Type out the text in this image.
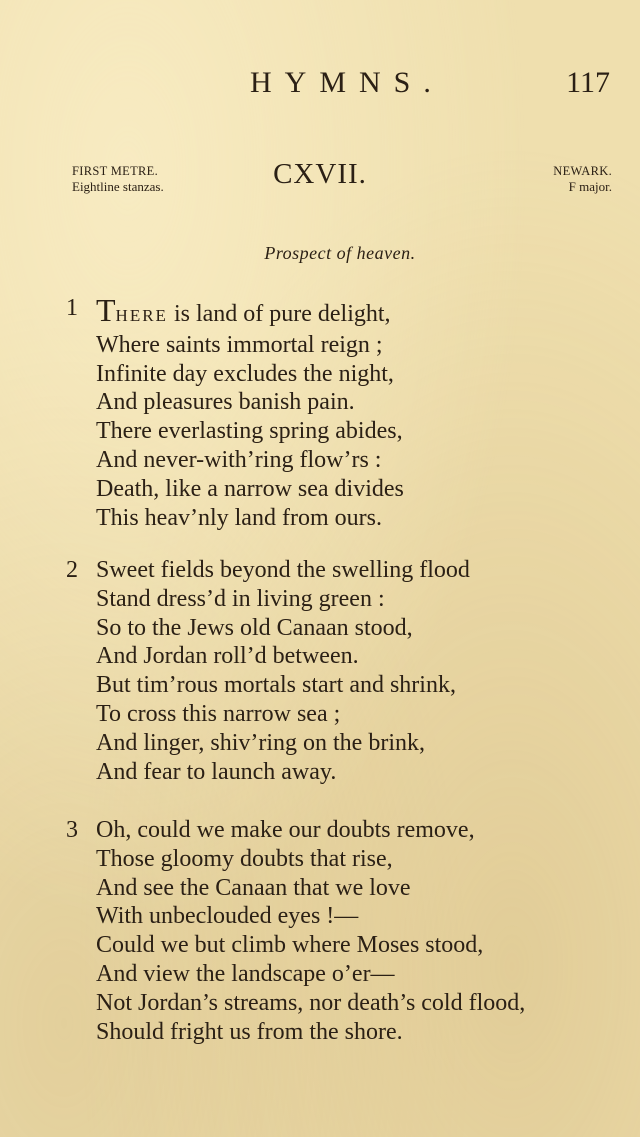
HYMNS.	117
FIRST METRE.
Eightline stanzas.	CXVII.	NEWARK.
F major.
Prospect of heaven.
1 THERE is land of pure delight,
Where saints immortal reign ;
Infinite day excludes the night,
And pleasures banish pain.
There everlasting spring abides,
And never-with’ring flow’rs :
Death, like a narrow sea divides
This heav’nly land from ours.
2 Sweet fields beyond the swelling flood
Stand dress’d in living green :
So to the Jews old Canaan stood,
And Jordan roll’d between.
But tim’rous mortals start and shrink,
To cross this narrow sea ;
And linger, shiv’ring on the brink,
And fear to launch away.
3 Oh, could we make our doubts remove,
Those gloomy doubts that rise,
And see the Canaan that we love
With unbeclouded eyes !—
Could we but climb where Moses stood,
And view the landscape o’er—
Not Jordan’s streams, nor death’s cold flood,
Should fright us from the shore.
